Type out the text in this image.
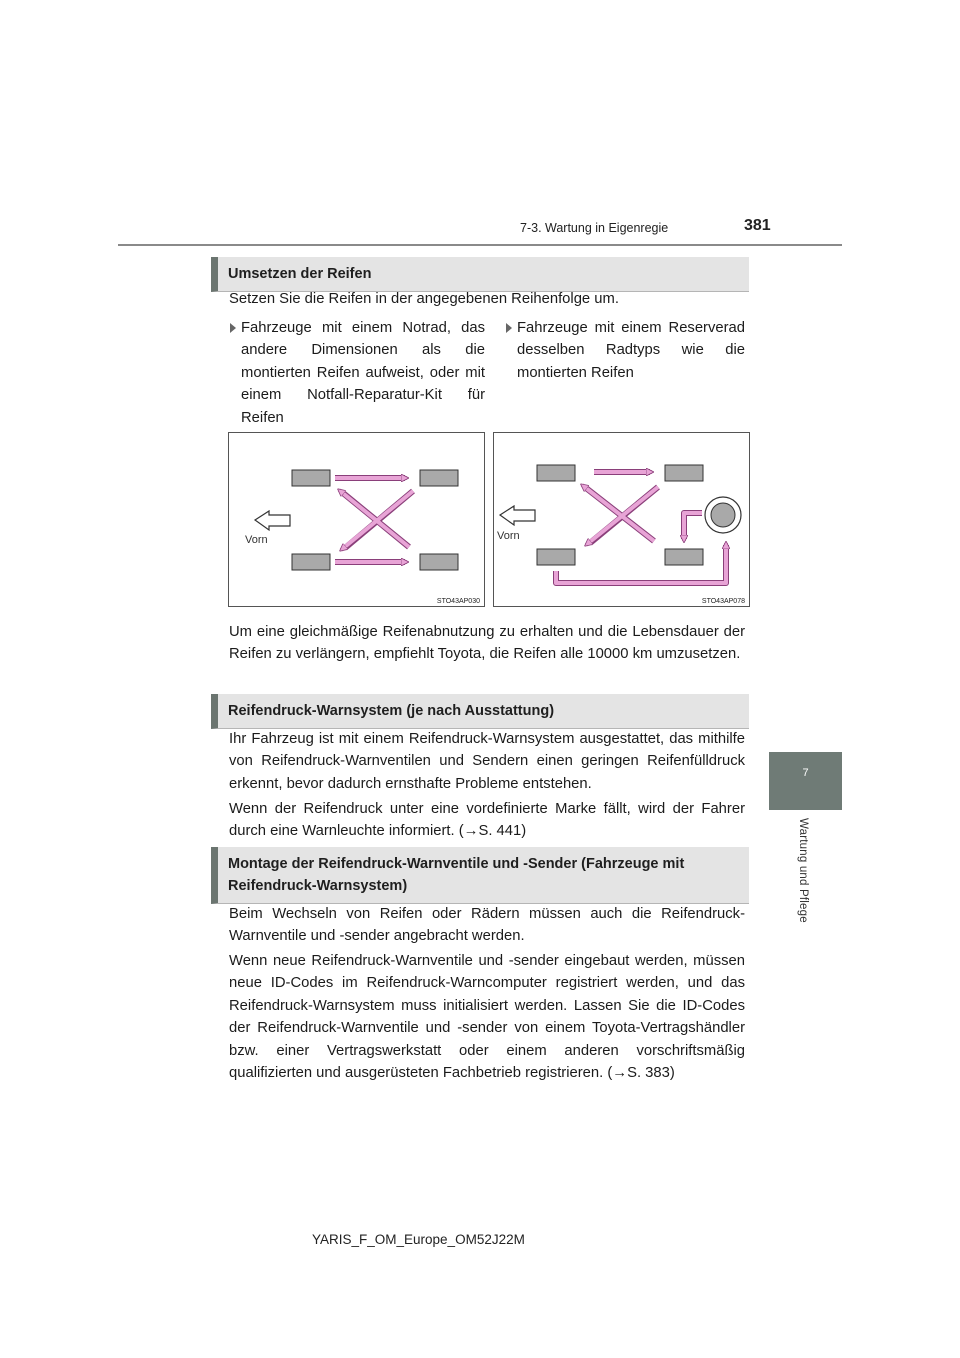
7-3. Wartung in Eigenregie	381
7
Wartung und Pflege
Umsetzen der Reifen

Setzen Sie die Reifen in der angegebenen Reihenfolge um.

Fahrzeuge mit einem Notrad, das andere Dimensionen als die montierten Reifen aufweist, oder mit einem Notfall-Reparatur-Kit für Reifen
Fahrzeuge mit einem Reserverad desselben Radtyps wie die montierten Reifen
Vorn
STO43AP030
Vorn
STO43AP078

Um eine gleichmäßige Reifenabnutzung zu erhalten und die Lebensdauer der Reifen zu verlängern, empfiehlt Toyota, die Reifen alle 10000 km umzusetzen.

Reifendruck-Warnsystem (je nach Ausstattung)

Ihr Fahrzeug ist mit einem Reifendruck-Warnsystem ausgestattet, das mithilfe von Reifendruck-Warnventilen und Sendern einen geringen Reifenfülldruck erkennt, bevor dadurch ernsthafte Probleme entstehen.

Wenn der Reifendruck unter eine vordefinierte Marke fällt, wird der Fahrer durch eine Warnleuchte informiert. (→S. 441)

Montage der Reifendruck-Warnventile und -Sender (Fahrzeuge mit Reifendruck-Warnsystem)

Beim Wechseln von Reifen oder Rädern müssen auch die Reifendruck-Warnventile und -sender angebracht werden.

Wenn neue Reifendruck-Warnventile und -sender eingebaut werden, müssen neue ID-Codes im Reifendruck-Warncomputer registriert werden, und das Reifendruck-Warnsystem muss initialisiert werden. Lassen Sie die ID-Codes der Reifendruck-Warnventile und -sender von einem Toyota-Vertragshändler bzw. einer Vertragswerkstatt oder einem anderen vorschriftsmäßig qualifizierten und ausgerüsteten Fachbetrieb registrieren. (→S. 383)

YARIS_F_OM_Europe_OM52J22M
